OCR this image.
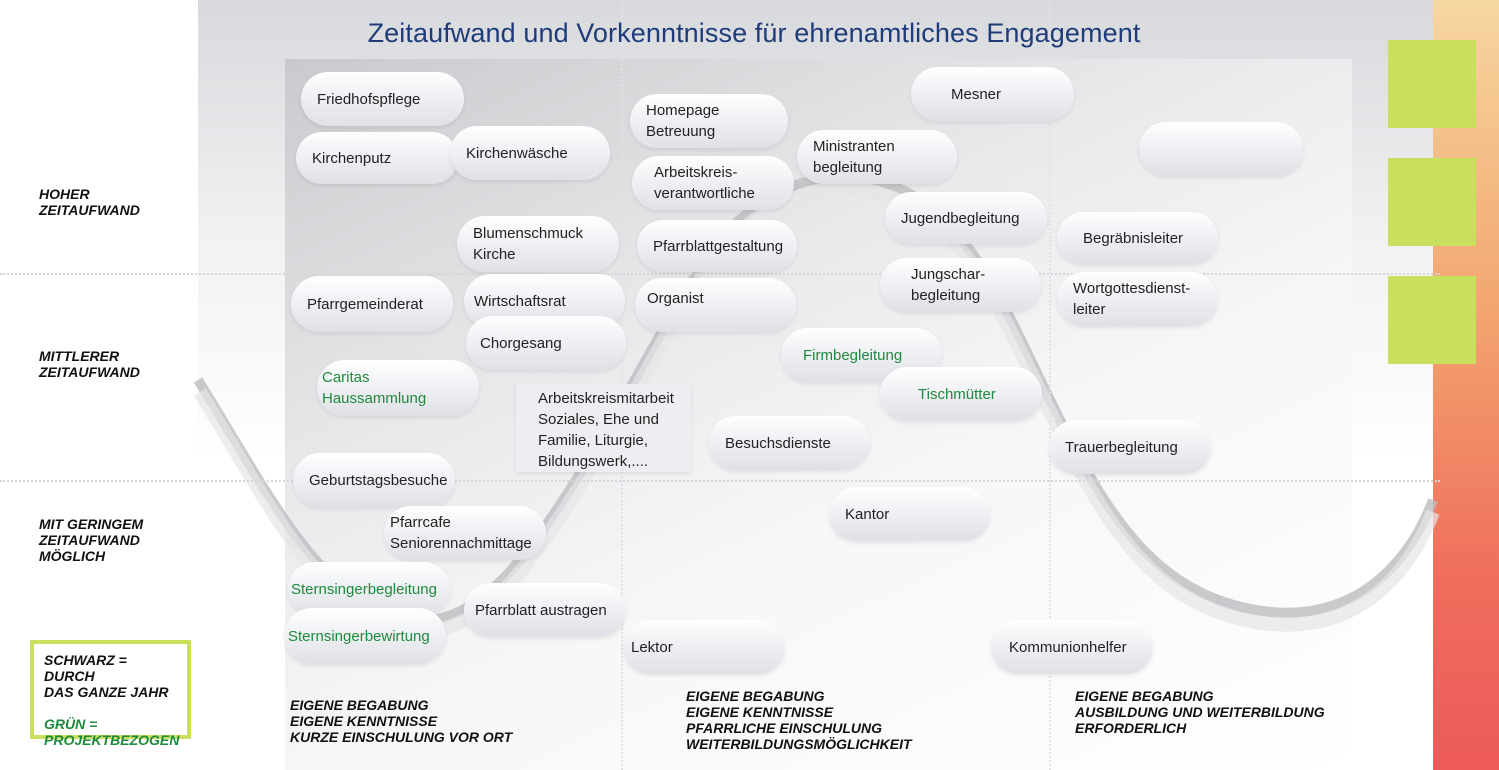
Zeitaufwand und Vorkenntnisse für ehrenamtliches Engagement
HOHER
ZEITAUFWAND
MITTLERER
ZEITAUFWAND
MIT GERINGEM
ZEITAUFWAND
MÖGLICH
EIGENE BEGABUNG
EIGENE KENNTNISSE
KURZE EINSCHULUNG VOR ORT
EIGENE BEGABUNG
EIGENE KENNTNISSE
PFARRLICHE EINSCHULUNG
WEITERBILDUNGSMÖGLICHKEIT
EIGENE BEGABUNG
AUSBILDUNG UND WEITERBILDUNG
ERFORDERLICH
SCHWARZ = DURCH
DAS GANZE JAHR
GRÜN =
PROJEKTBEZOGEN
Friedhofspflege
Kirchenputz	Kirchenwäsche
Homepage
Betreuung
Mesner
Ministranten
begleitung
Arbeitskreis-
verantwortliche
Jugendbegleitung
Blumenschmuck
Kirche	Pfarrblattgestaltung	Begräbnisleiter
Jungschar-
begleitung	Wortgottesdienst-
leiter
Pfarrgemeinderat	Wirtschaftsrat	Organist
Chorgesang
Firmbegleitung
Caritas Haussammlung	Arbeitskreismitarbeit
Soziales, Ehe und
Familie, Liturgie,
Bildungswerk,....
Tischmütter
Besuchsdienste	Trauerbegleitung
Geburtstagsbesuche
Kantor
Pfarrcafe
Seniorennachmittage
Sternsingerbegleitung
Pfarrblatt austragen
Sternsingerbewirtung
Lektor	Kommunionhelfer
